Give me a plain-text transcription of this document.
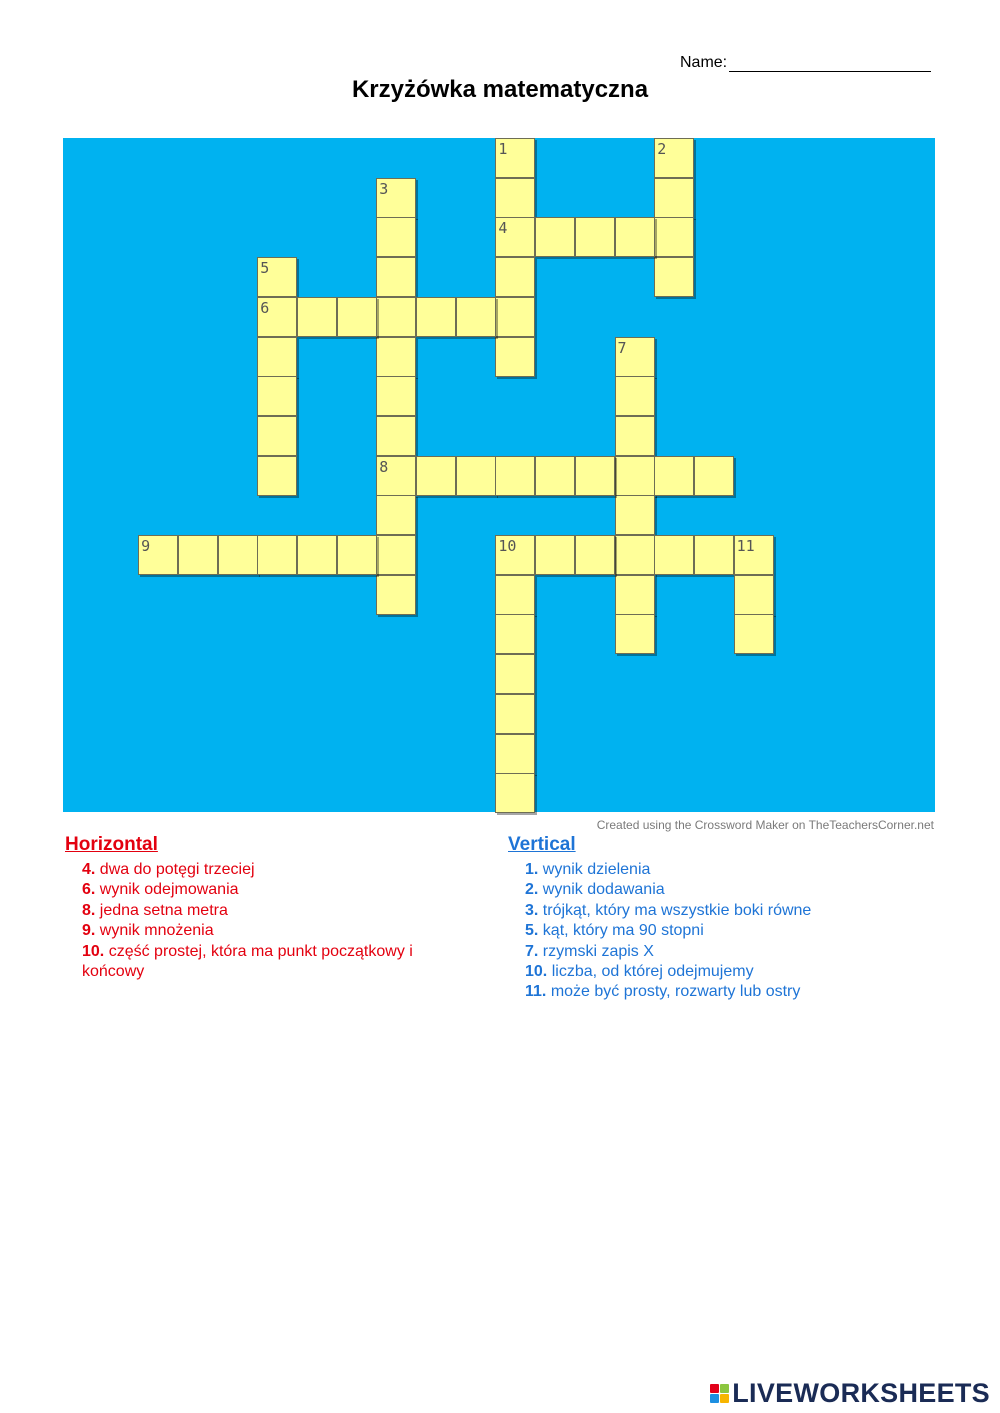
Name:
Krzyżówka matematyczna
1	2
3
4
5
6
7
8
9	10	11
Created using the Crossword Maker on TheTeachersCorner.net
Horizontal
4. dwa do potęgi trzeciej
6. wynik odejmowania
8. jedna setna metra
9. wynik mnożenia
10. część prostej, która ma punkt początkowy i końcowy
Vertical
1. wynik dzielenia
2. wynik dodawania
3. trójkąt, który ma wszystkie boki równe
5. kąt, który ma 90 stopni
7. rzymski zapis X
10. liczba, od której odejmujemy
11. może być prosty, rozwarty lub ostry
LIVEWORKSHEETS
